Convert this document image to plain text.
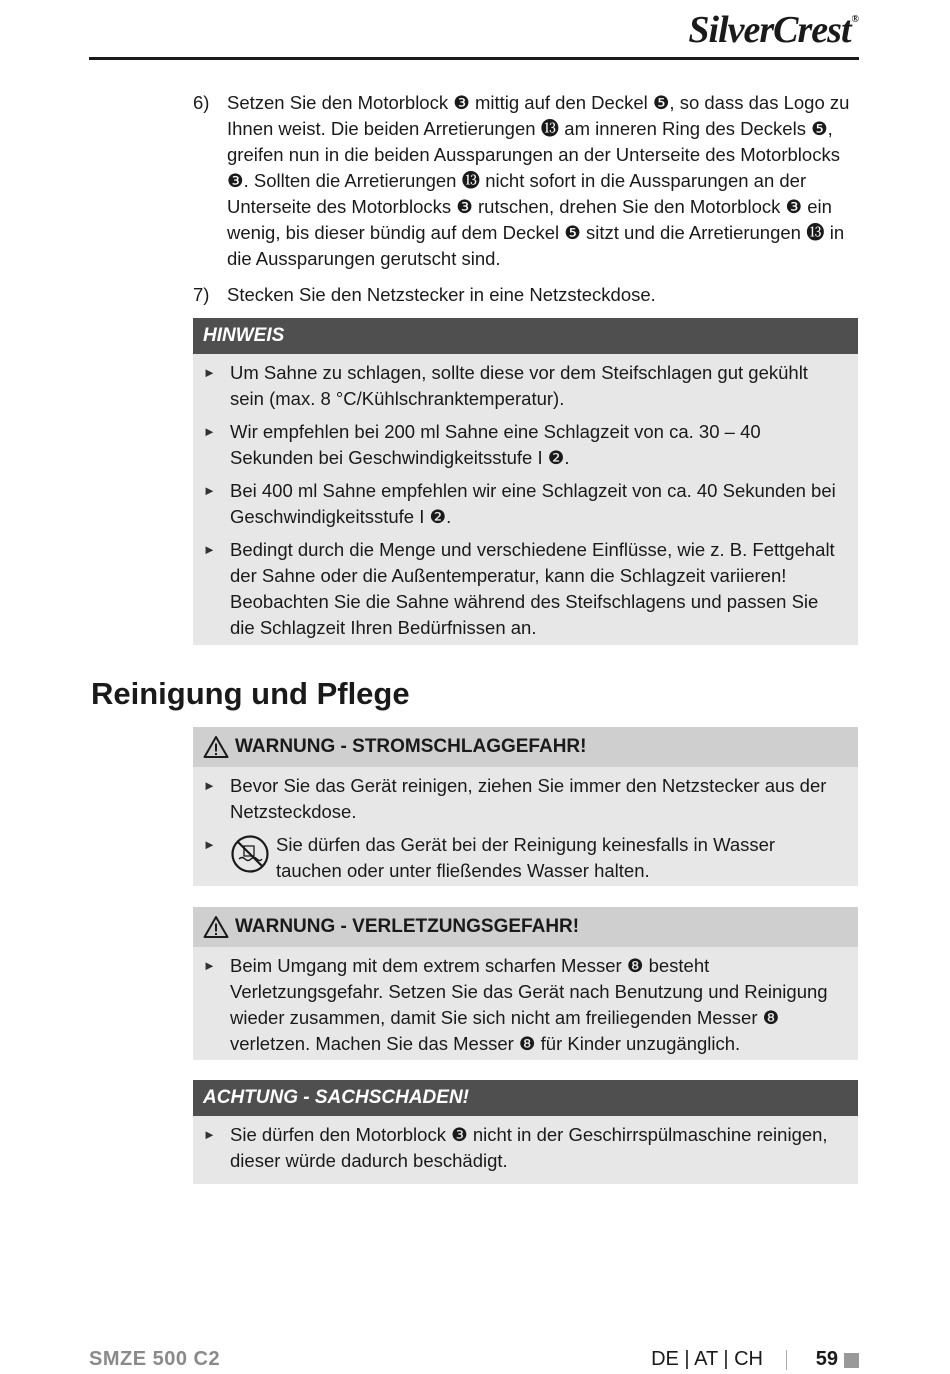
SilverCrest®
6) Setzen Sie den Motorblock ❸ mittig auf den Deckel ❺, so dass das Logo zu Ihnen weist. Die beiden Arretierungen ⓭ am inneren Ring des Deckels ❺, greifen nun in die beiden Aussparungen an der Unterseite des Motorblocks ❸. Sollten die Arretierungen ⓭ nicht sofort in die Aussparungen an der Unterseite des Motorblocks ❸ rutschen, drehen Sie den Motorblock ❸ ein wenig, bis dieser bündig auf dem Deckel ❺ sitzt und die Arretierungen ⓭ in die Aussparungen gerutscht sind.
7) Stecken Sie den Netzstecker in eine Netzsteckdose.
HINWEIS
► Um Sahne zu schlagen, sollte diese vor dem Steifschlagen gut gekühlt sein (max. 8 °C/Kühlschranktemperatur).
► Wir empfehlen bei 200 ml Sahne eine Schlagzeit von ca. 30 – 40 Sekunden bei Geschwindigkeitsstufe I ❷.
► Bei 400 ml Sahne empfehlen wir eine Schlagzeit von ca. 40 Sekunden bei Geschwindigkeitsstufe I ❷.
► Bedingt durch die Menge und verschiedene Einflüsse, wie z. B. Fettgehalt der Sahne oder die Außentemperatur, kann die Schlagzeit variieren! Beobachten Sie die Sahne während des Steifschlagens und passen Sie die Schlagzeit Ihren Bedürfnissen an.
Reinigung und Pflege
WARNUNG - STROMSCHLAGGEFAHR!
► Bevor Sie das Gerät reinigen, ziehen Sie immer den Netzstecker aus der Netzsteckdose.
►	Sie dürfen das Gerät bei der Reinigung keinesfalls in Wasser tauchen oder unter fließendes Wasser halten.
WARNUNG - VERLETZUNGSGEFAHR!
► Beim Umgang mit dem extrem scharfen Messer ❽ besteht Verletzungsgefahr. Setzen Sie das Gerät nach Benutzung und Reinigung wieder zusammen, damit Sie sich nicht am freiliegenden Messer ❽ verletzen. Machen Sie das Messer ❽ für Kinder unzugänglich.
ACHTUNG - SACHSCHADEN!
► Sie dürfen den Motorblock ❸ nicht in der Geschirrspülmaschine reinigen, dieser würde dadurch beschädigt.
SMZE 500 C2	DE | AT | CH	59
